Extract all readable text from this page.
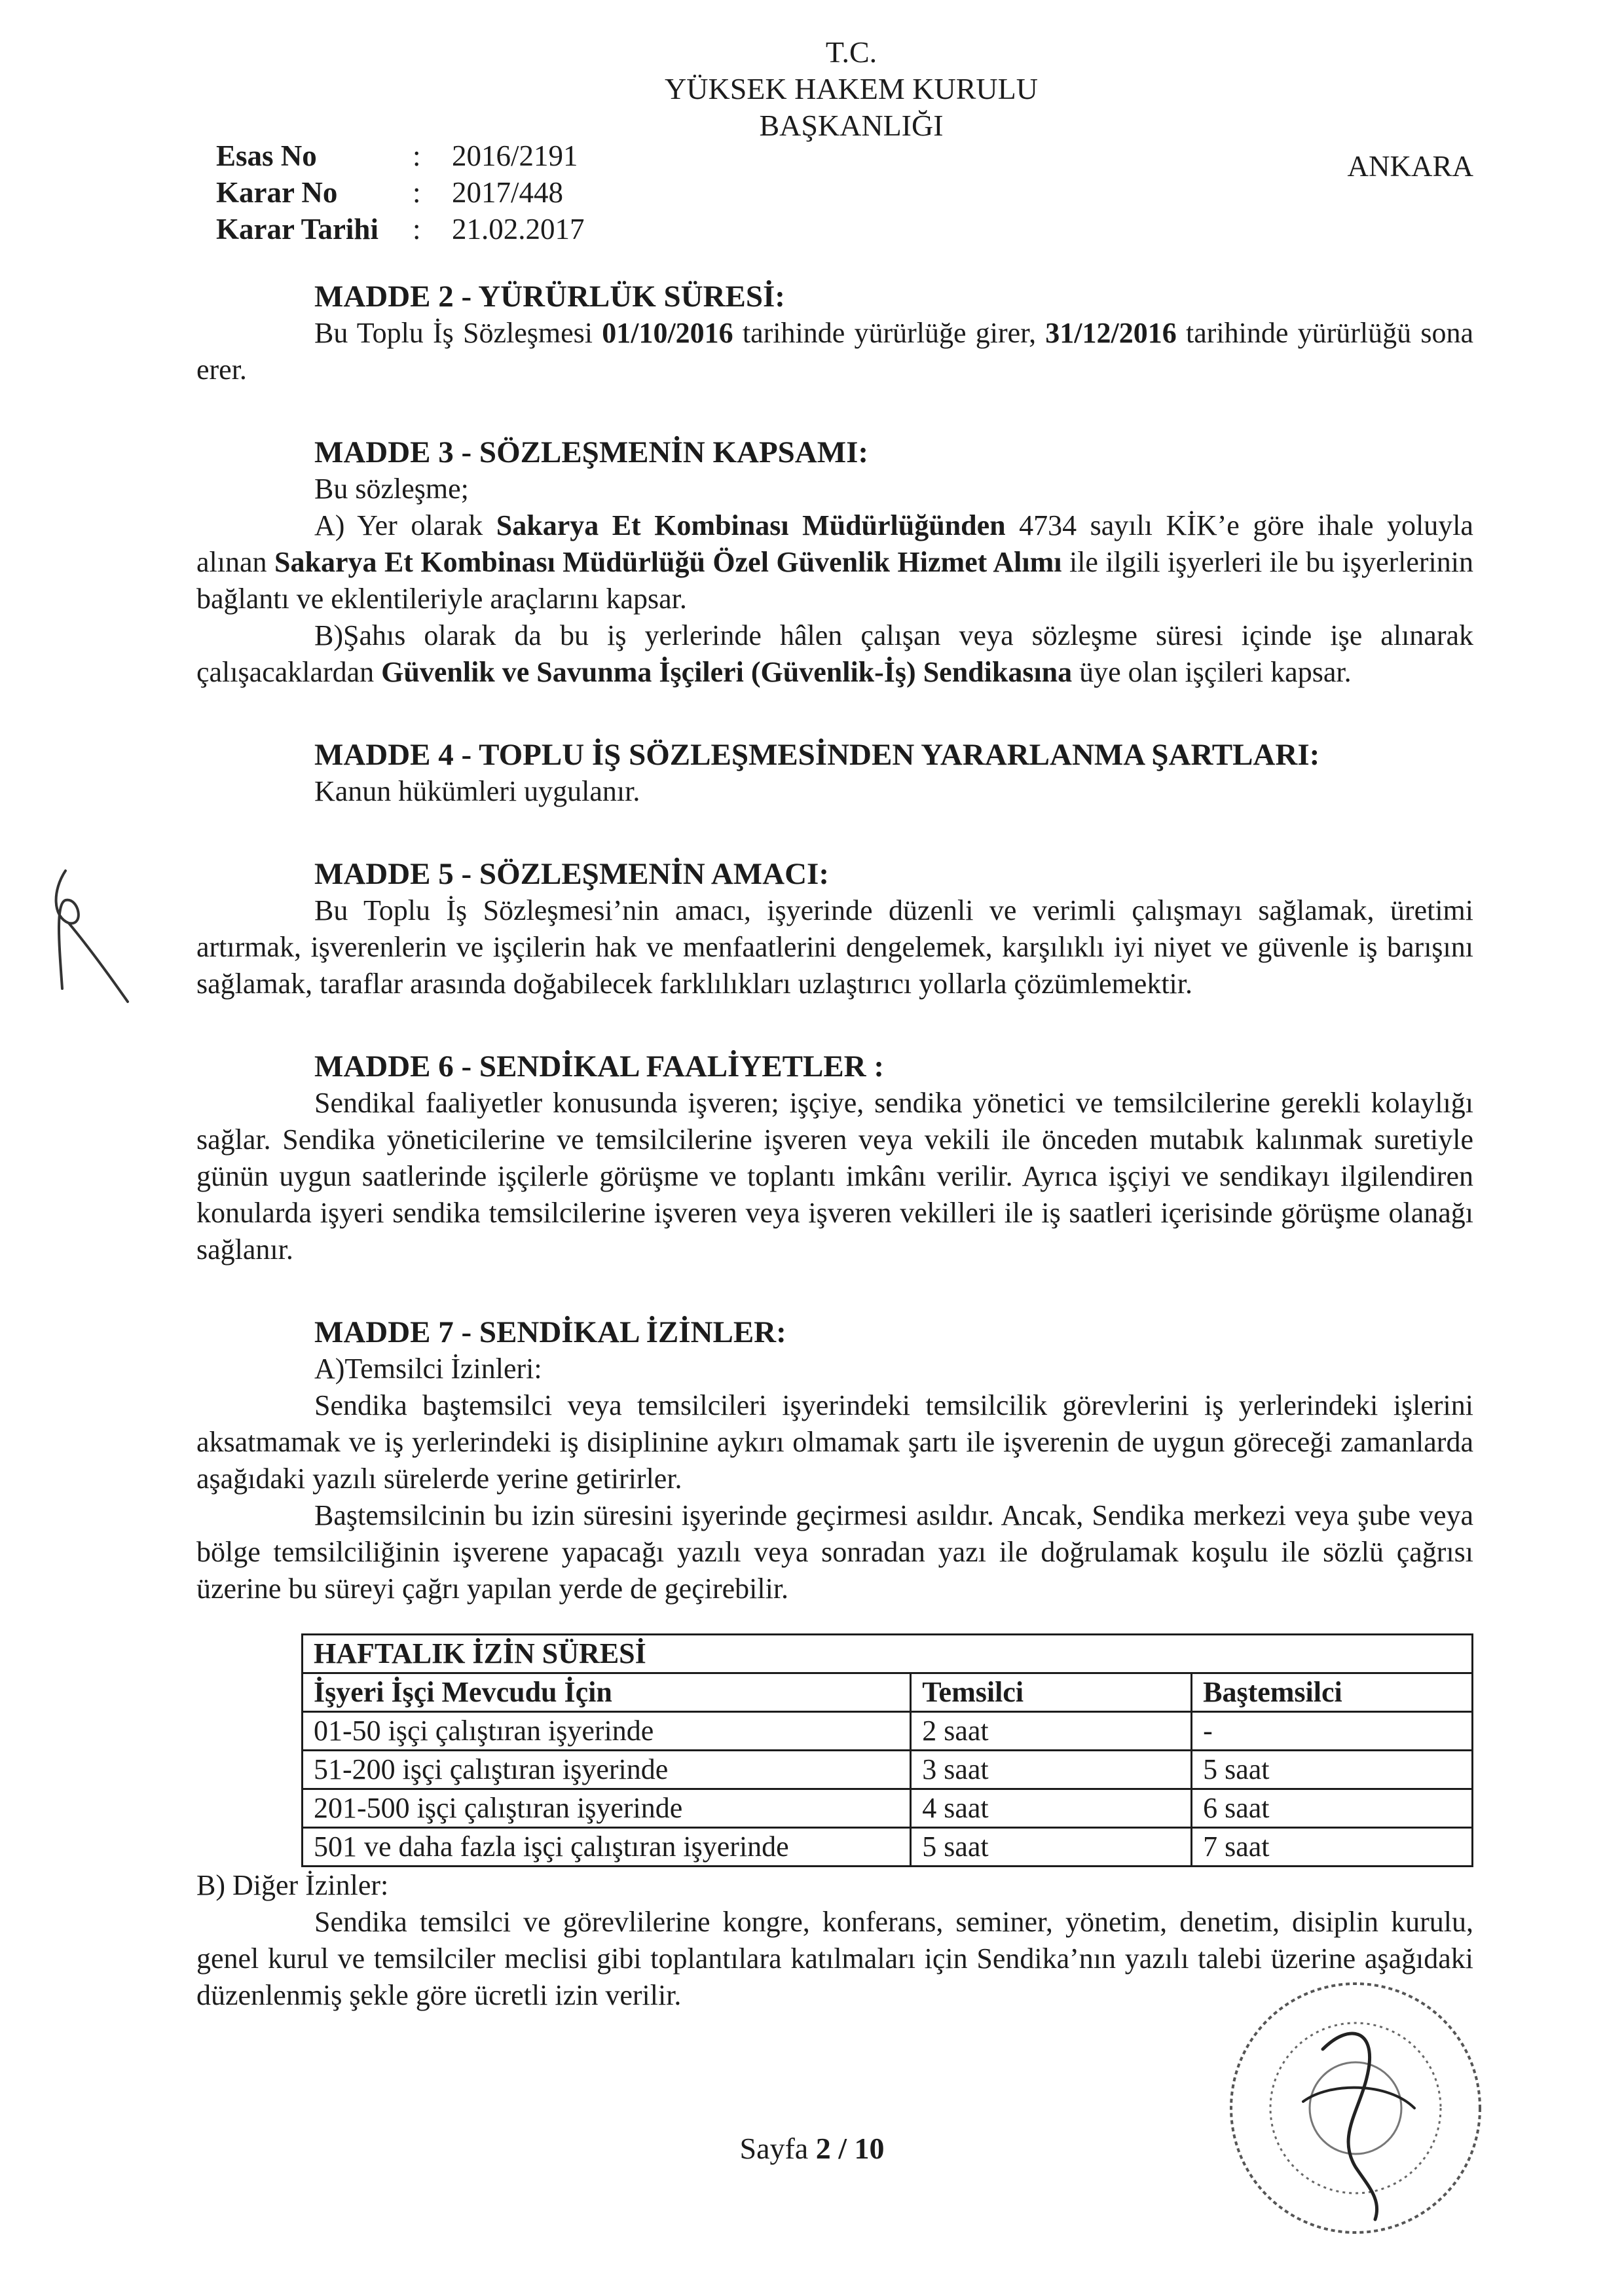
T.C.
YÜKSEK HAKEM KURULU
BAŞKANLIĞI
Esas No	:	2016/2191
Karar No	:	2017/448
Karar Tarihi	:	21.02.2017
ANKARA
MADDE 2 - YÜRÜRLÜK SÜRESİ:

Bu Toplu İş Sözleşmesi 01/10/2016 tarihinde yürürlüğe girer, 31/12/2016 tarihinde yürürlüğü sona erer.

MADDE 3 - SÖZLEŞMENİN KAPSAMI:

Bu sözleşme;

A) Yer olarak Sakarya Et Kombinası Müdürlüğünden 4734 sayılı KİK’e göre ihale yoluyla alınan Sakarya Et Kombinası Müdürlüğü Özel Güvenlik Hizmet Alımı ile ilgili işyerleri ile bu işyerlerinin bağlantı ve eklentileriyle araçlarını kapsar.

B)Şahıs olarak da bu iş yerlerinde hâlen çalışan veya sözleşme süresi içinde işe alınarak çalışacaklardan Güvenlik ve Savunma İşçileri (Güvenlik-İş) Sendikasına üye olan işçileri kapsar.

MADDE 4 - TOPLU İŞ SÖZLEŞMESİNDEN YARARLANMA ŞARTLARI:

Kanun hükümleri uygulanır.

MADDE 5 - SÖZLEŞMENİN AMACI:

Bu Toplu İş Sözleşmesi’nin amacı, işyerinde düzenli ve verimli çalışmayı sağlamak, üretimi artırmak, işverenlerin ve işçilerin hak ve menfaatlerini dengelemek, karşılıklı iyi niyet ve güvenle iş barışını sağlamak, taraflar arasında doğabilecek farklılıkları uzlaştırıcı yollarla çözümlemektir.

MADDE 6 - SENDİKAL FAALİYETLER :

Sendikal faaliyetler konusunda işveren; işçiye, sendika yönetici ve temsilcilerine gerekli kolaylığı sağlar. Sendika yöneticilerine ve temsilcilerine işveren veya vekili ile önceden mutabık kalınmak suretiyle günün uygun saatlerinde işçilerle görüşme ve toplantı imkânı verilir. Ayrıca işçiyi ve sendikayı ilgilendiren konularda işyeri sendika temsilcilerine işveren veya işveren vekilleri ile iş saatleri içerisinde görüşme olanağı sağlanır.

MADDE 7 - SENDİKAL İZİNLER:

A)Temsilci İzinleri:

Sendika baştemsilci veya temsilcileri işyerindeki temsilcilik görevlerini iş yerlerindeki işlerini aksatmamak ve iş yerlerindeki iş disiplinine aykırı olmamak şartı ile işverenin de uygun göreceği zamanlarda aşağıdaki yazılı sürelerde yerine getirirler.

Baştemsilcinin bu izin süresini işyerinde geçirmesi asıldır. Ancak, Sendika merkezi veya şube veya bölge temsilciliğinin işverene yapacağı yazılı veya sonradan yazı ile doğrulamak koşulu ile sözlü çağrısı üzerine bu süreyi çağrı yapılan yerde de geçirebilir.

HAFTALIK İZİN SÜRESİ		
İşyeri İşçi Mevcudu İçin	Temsilci	Baştemsilci
01-50 işçi çalıştıran işyerinde	2 saat	-
51-200 işçi çalıştıran işyerinde	3 saat	5 saat
201-500 işçi çalıştıran işyerinde	4 saat	6 saat
501 ve daha fazla işçi çalıştıran işyerinde	5 saat	7 saat

B) Diğer İzinler:

Sendika temsilci ve görevlilerine kongre, konferans, seminer, yönetim, denetim, disiplin kurulu, genel kurul ve temsilciler meclisi gibi toplantılara katılmaları için Sendika’nın yazılı talebi üzerine aşağıdaki düzenlenmiş şekle göre ücretli izin verilir.

Sayfa 2 / 10
